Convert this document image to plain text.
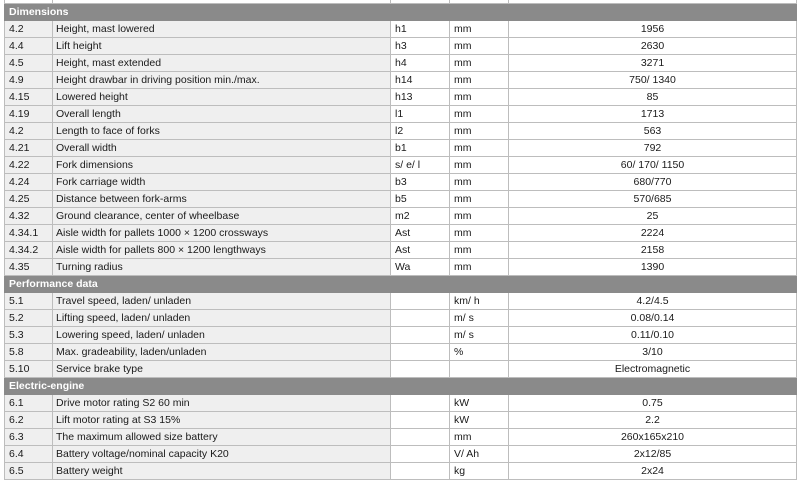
Dimensions				
4.2	Height, mast lowered	h1	mm	1956
4.4	Lift height	h3	mm	2630
4.5	Height, mast extended	h4	mm	3271
4.9	Height drawbar in driving position min./max.	h14	mm	750/ 1340
4.15	Lowered height	h13	mm	85
4.19	Overall length	l1	mm	1713
4.2	Length to face of forks	l2	mm	563
4.21	Overall width	b1	mm	792
4.22	Fork dimensions	s/ e/ l	mm	60/ 170/ 1150
4.24	Fork carriage width	b3	mm	680/770
4.25	Distance between fork-arms	b5	mm	570/685
4.32	Ground clearance, center of wheelbase	m2	mm	25
4.34.1	Aisle width for pallets 1000 × 1200 crossways	Ast	mm	2224
4.34.2	Aisle width for pallets 800 × 1200 lengthways	Ast	mm	2158
4.35	Turning radius	Wa	mm	1390
Performance data				
5.1	Travel speed, laden/ unladen		km/ h	4.2/4.5
5.2	Lifting speed, laden/ unladen		m/ s	0.08/0.14
5.3	Lowering speed, laden/ unladen		m/ s	0.11/0.10
5.8	Max. gradeability, laden/unladen		%	3/10
5.10	Service brake type			Electromagnetic
Electric-engine				
6.1	Drive motor rating S2 60 min		kW	0.75
6.2	Lift motor rating at S3 15%		kW	2.2
6.3	The maximum allowed size battery		mm	260x165x210
6.4	Battery voltage/nominal capacity K20		V/ Ah	2x12/85
6.5	Battery weight		kg	2x24
